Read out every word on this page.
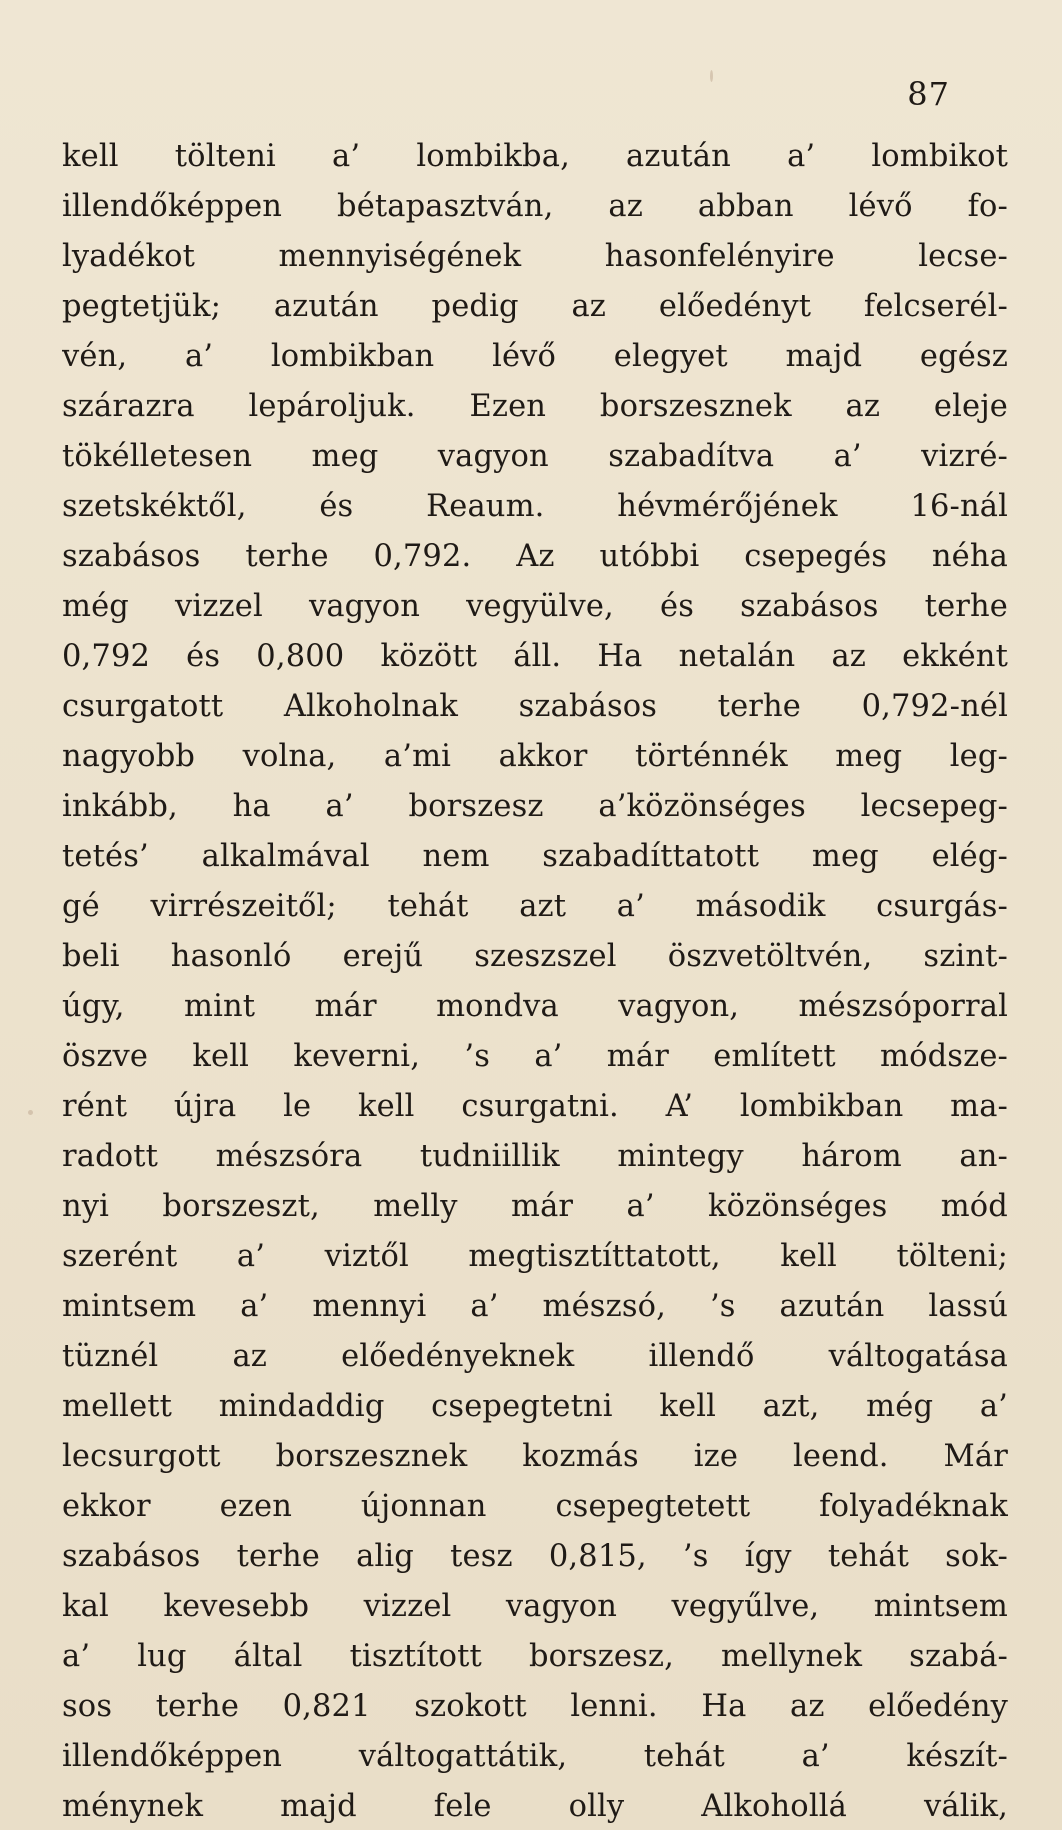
87
kell tölteni a’ lombikba, azután a’ lombikot
illendőképpen bétapasztván, az abban lévő fo-
lyadékot mennyiségének hasonfelényire lecse-
pegtetjük; azután pedig az előedényt felcserél-
vén, a’ lombikban lévő elegyet majd egész
szárazra lepároljuk. Ezen borszesznek az eleje
tökélletesen meg vagyon szabadítva a’ vizré-
szetskéktől, és Reaum. hévmérőjének 16-nál
szabásos terhe 0,792. Az utóbbi csepegés néha
még vizzel vagyon vegyülve, és szabásos terhe
0,792 és 0,800 között áll. Ha netalán az ekként
csurgatott Alkoholnak szabásos terhe 0,792-nél
nagyobb volna, a’mi akkor történnék meg leg-
inkább, ha a’ borszesz a’közönséges lecsepeg-
tetés’ alkalmával nem szabadíttatott meg elég-
gé virrészeitől; tehát azt a’ második csurgás-
beli hasonló erejű szeszszel öszvetöltvén, szint-
úgy, mint már mondva vagyon, mészsóporral
öszve kell keverni, ’s a’ már említett módsze-
rént újra le kell csurgatni. A’ lombikban ma-
radott mészsóra tudniillik mintegy három an-
nyi borszeszt, melly már a’ közönséges mód
szerént a’ viztől megtisztíttatott, kell tölteni;
mintsem a’ mennyi a’ mészsó, ’s azután lassú
tüznél az előedényeknek illendő váltogatása
mellett mindaddig csepegtetni kell azt, még a’
lecsurgott borszesznek kozmás ize leend. Már
ekkor ezen újonnan csepegtetett folyadéknak
szabásos terhe alig tesz 0,815, ’s így tehát sok-
kal kevesebb vizzel vagyon vegyűlve, mintsem
a’ lug által tisztított borszesz, mellynek szabá-
sos terhe 0,821 szokott lenni. Ha az előedény
illendőképpen váltogattátik, tehát a’ készít-
ménynek majd fele olly Alkohollá válik,
